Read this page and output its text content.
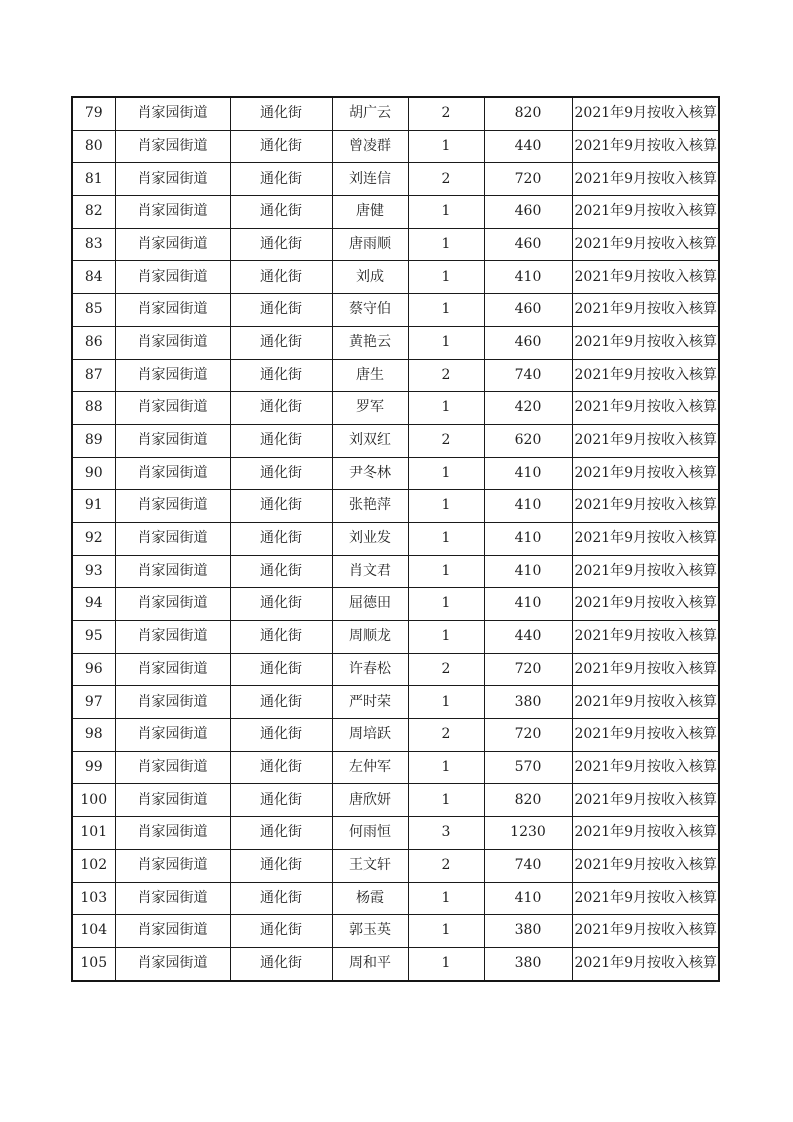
79	肖家园街道	通化街	胡广云	2	820	2021年9月按收入核算
80	肖家园街道	通化街	曾凌群	1	440	2021年9月按收入核算
81	肖家园街道	通化街	刘连信	2	720	2021年9月按收入核算
82	肖家园街道	通化街	唐健	1	460	2021年9月按收入核算
83	肖家园街道	通化街	唐雨顺	1	460	2021年9月按收入核算
84	肖家园街道	通化街	刘成	1	410	2021年9月按收入核算
85	肖家园街道	通化街	蔡守伯	1	460	2021年9月按收入核算
86	肖家园街道	通化街	黄艳云	1	460	2021年9月按收入核算
87	肖家园街道	通化街	唐生	2	740	2021年9月按收入核算
88	肖家园街道	通化街	罗军	1	420	2021年9月按收入核算
89	肖家园街道	通化街	刘双红	2	620	2021年9月按收入核算
90	肖家园街道	通化街	尹冬林	1	410	2021年9月按收入核算
91	肖家园街道	通化街	张艳萍	1	410	2021年9月按收入核算
92	肖家园街道	通化街	刘业发	1	410	2021年9月按收入核算
93	肖家园街道	通化街	肖文君	1	410	2021年9月按收入核算
94	肖家园街道	通化街	屈德田	1	410	2021年9月按收入核算
95	肖家园街道	通化街	周顺龙	1	440	2021年9月按收入核算
96	肖家园街道	通化街	许春松	2	720	2021年9月按收入核算
97	肖家园街道	通化街	严时荣	1	380	2021年9月按收入核算
98	肖家园街道	通化街	周培跃	2	720	2021年9月按收入核算
99	肖家园街道	通化街	左仲军	1	570	2021年9月按收入核算
100	肖家园街道	通化街	唐欣妍	1	820	2021年9月按收入核算
101	肖家园街道	通化街	何雨恒	3	1230	2021年9月按收入核算
102	肖家园街道	通化街	王文轩	2	740	2021年9月按收入核算
103	肖家园街道	通化街	杨霞	1	410	2021年9月按收入核算
104	肖家园街道	通化街	郭玉英	1	380	2021年9月按收入核算
105	肖家园街道	通化街	周和平	1	380	2021年9月按收入核算
